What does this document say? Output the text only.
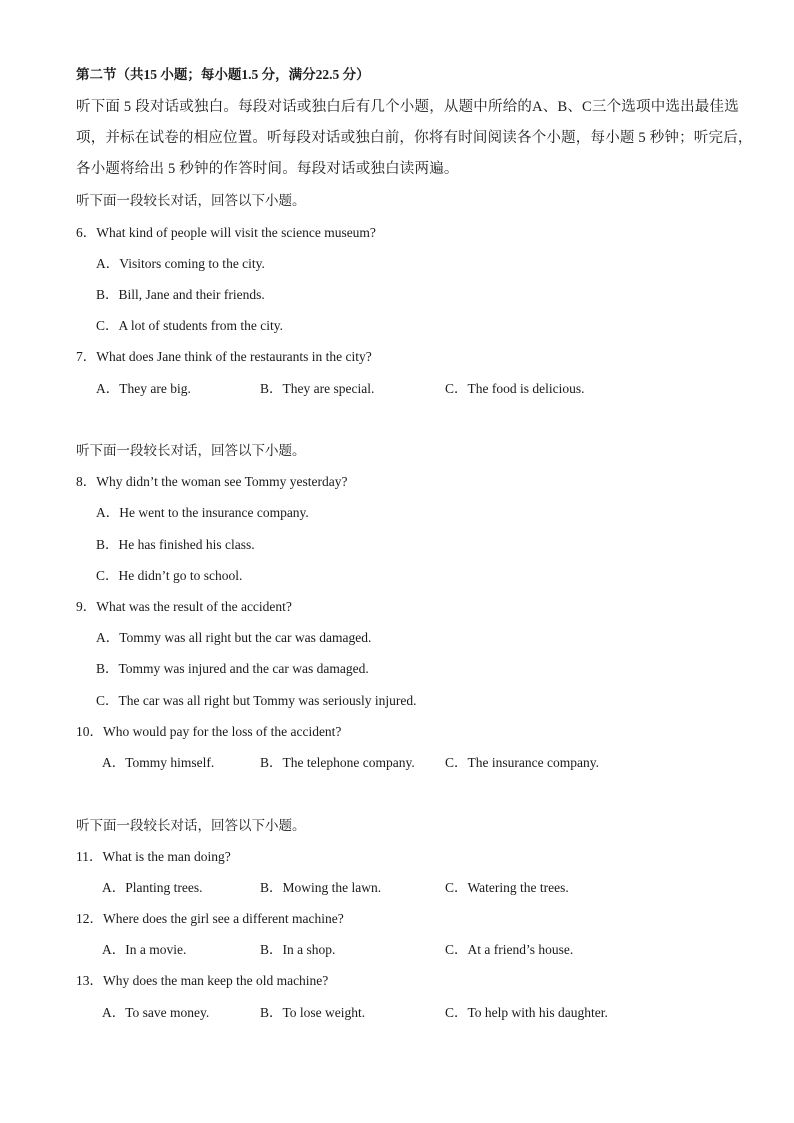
第二节（共15 小题；每小题1.5 分，满分22.5 分）
听下面 5 段对话或独白。每段对话或独白后有几个小题，从题中所给的A、B、C三个选项中选出最佳选
项，并标在试卷的相应位置。听每段对话或独白前，你将有时间阅读各个小题，每小题 5 秒钟；听完后，
各小题将给出 5 秒钟的作答时间。每段对话或独白读两遍。
听下面一段较长对话，回答以下小题。
6．What kind of people will visit the science museum?
A．Visitors coming to the city.
B．Bill, Jane and their friends.
C．A lot of students from the city.
7．What does Jane think of the restaurants in the city?
A．They are big.	B．They are special.	C．The food is delicious.
听下面一段较长对话，回答以下小题。
8．Why didn’t the woman see Tommy yesterday?
A．He went to the insurance company.
B．He has finished his class.
C．He didn’t go to school.
9．What was the result of the accident?
A．Tommy was all right but the car was damaged.
B．Tommy was injured and the car was damaged.
C．The car was all right but Tommy was seriously injured.
10．Who would pay for the loss of the accident?
A．Tommy himself.	B．The telephone company. C．The insurance company.
听下面一段较长对话，回答以下小题。
11．What is the man doing?
A．Planting trees.	B．Mowing the lawn.	C．Watering the trees.
12．Where does the girl see a different machine?
A．In a movie.	B．In a shop.	C．At a friend’s house.
13．Why does the man keep the old machine?
A．To save money.	B．To lose weight.	C．To help with his daughter.
